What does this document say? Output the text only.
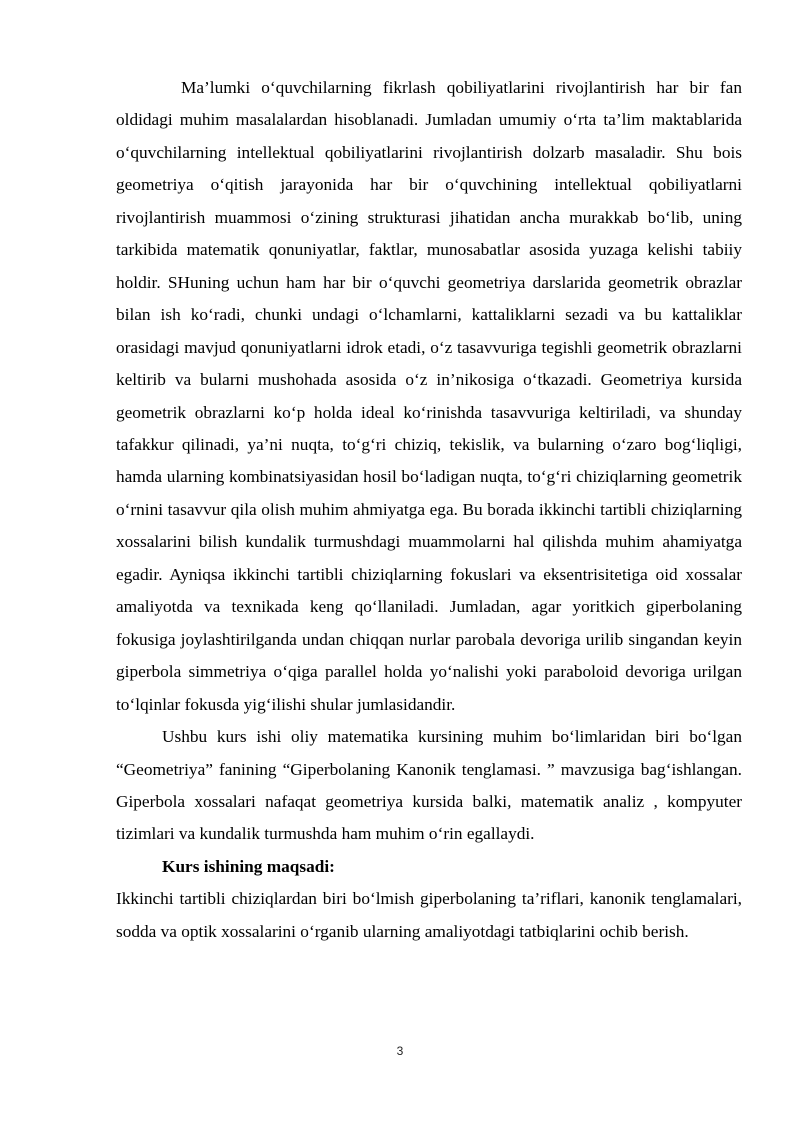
Ma’lumki o‘quvchilarning fikrlash qobiliyatlarini rivojlantirish har bir fan oldidagi muhim masalalardan hisoblanadi. Jumladan umumiy o‘rta ta’lim maktablarida o‘quvchilarning intellektual qobiliyatlarini rivojlantirish dolzarb masaladir. Shu bois geometriya o‘qitish jarayonida har bir o‘quvchining intellektual qobiliyatlarni rivojlantirish muammosi o‘zining strukturasi jihatidan ancha murakkab bo‘lib, uning tarkibida matematik qonuniyatlar, faktlar, munosabatlar asosida yuzaga kelishi tabiiy holdir. SHuning uchun ham har bir o‘quvchi geometriya darslarida geometrik obrazlar bilan ish ko‘radi, chunki undagi o‘lchamlarni, kattaliklarni sezadi va bu kattaliklar orasidagi mavjud qonuniyatlarni idrok etadi, o‘z tasavvuriga tegishli geometrik obrazlarni keltirib va bularni mushohada asosida o‘z in’nikosiga o‘tkazadi. Geometriya kursida geometrik obrazlarni ko‘p holda ideal ko‘rinishda tasavvuriga keltiriladi, va shunday tafakkur qilinadi, ya’ni nuqta, to‘g‘ri chiziq, tekislik, va bularning o‘zaro bog‘liqligi, hamda ularning kombinatsiyasidan hosil bo‘ladigan nuqta, to‘g‘ri chiziqlarning geometrik o‘rnini tasavvur qila olish muhim ahmiyatga ega. Bu borada ikkinchi tartibli chiziqlarning xossalarini bilish kundalik turmushdagi muammolarni hal qilishda muhim ahamiyatga egadir. Ayniqsa ikkinchi tartibli chiziqlarning fokuslari va eksentrisitetiga oid xossalar amaliyotda va texnikada keng qo‘llaniladi. Jumladan, agar yoritkich giperbolaning fokusiga joylashtirilganda undan chiqqan nurlar parobala devoriga urilib singandan keyin giperbola simmetriya o‘qiga parallel holda yo‘nalishi yoki paraboloid devoriga urilgan to‘lqinlar fokusda yig‘ilishi shular jumlasidandir.

Ushbu kurs ishi oliy matematika kursining muhim bo‘limlaridan biri bo‘lgan “Geometriya” fanining “Giperbolaning Kanonik tenglamasi. ” mavzusiga bag‘ishlangan. Giperbola xossalari nafaqat geometriya kursida balki, matematik analiz , kompyuter tizimlari va kundalik turmushda ham muhim o‘rin egallaydi.

Kurs ishining maqsadi:

Ikkinchi tartibli chiziqlardan biri bo‘lmish giperbolaning ta’riflari, kanonik tenglamalari, sodda va optik xossalarini o‘rganib ularning amaliyotdagi tatbiqlarini ochib berish.

3
